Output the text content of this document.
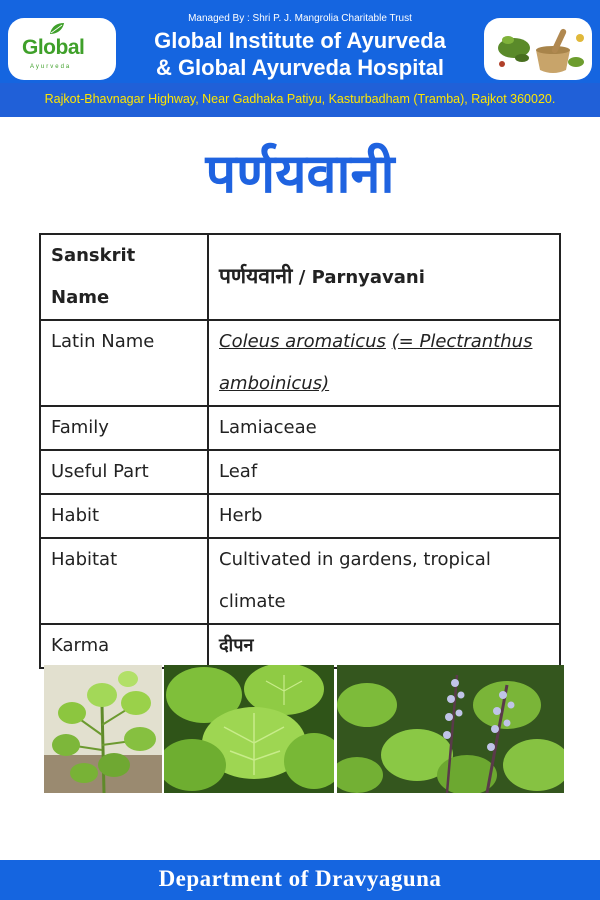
Global
Ayurveda
Managed By : Shri P. J. Mangrolia Charitable Trust
Global Institute of Ayurveda
& Global Ayurveda Hospital
Rajkot-Bhavnagar Highway, Near Gadhaka Patiyu, Kasturbadham (Tramba), Rajkot 360020.
पर्णयवानी
Sanskrit Name	पर्णयवानी / Parnyavani
Latin Name	Coleus aromaticus (= Plectranthus amboinicus)
Family	Lamiaceae
Useful Part	Leaf
Habit	Herb
Habitat	Cultivated in gardens, tropical climate
Karma	दीपन
Department of Dravyaguna
